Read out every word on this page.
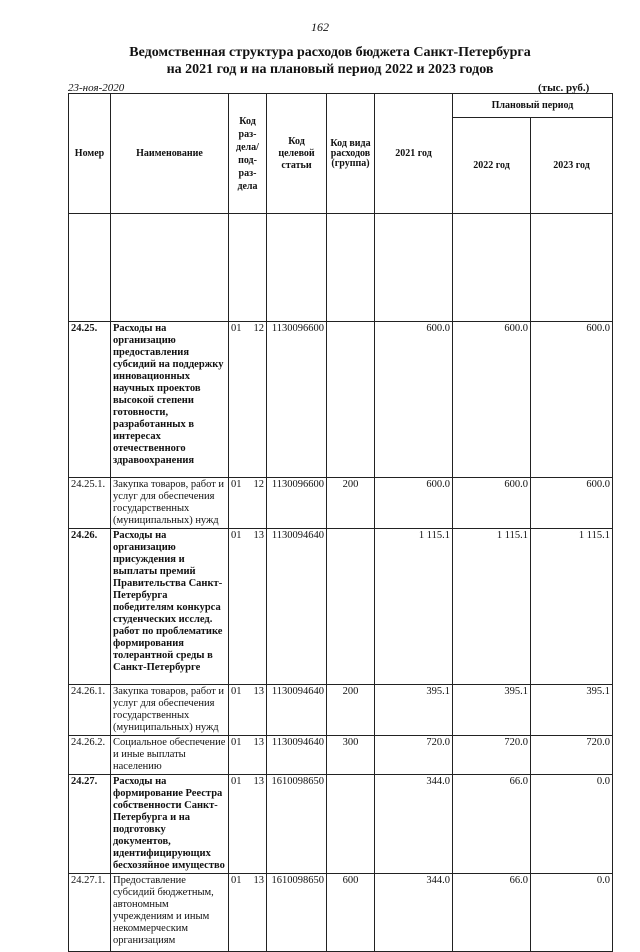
162
Ведомственная структура расходов бюджета Санкт-Петербурга
на 2021 год и на плановый период 2022 и 2023 годов
23-ноя-2020	(тыс. руб.)
Номер	Наименование	Код раз-дела/ под-раз-дела	Код целевой статьи	Код вида расходов (группа)	2021 год	Плановый период	
						2022 год	2023 год

24.25.	Расходы на организацию предоставления субсидий на поддержку инновационных научных проектов высокой степени готовности, разработанных в интересах отечественного здравоохранения	01 12	1130096600		600.0	600.0	600.0
24.25.1.	Закупка товаров, работ и услуг для обеспечения государственных (муниципальных) нужд	01 12	1130096600	200	600.0	600.0	600.0
24.26.	Расходы на организацию присуждения и выплаты премий Правительства Санкт-Петербурга победителям конкурса студенческих исслед. работ по проблематике формирования толерантной среды в Санкт-Петербурге	01 13	1130094640		1 115.1	1 115.1	1 115.1
24.26.1.	Закупка товаров, работ и услуг для обеспечения государственных (муниципальных) нужд	01 13	1130094640	200	395.1	395.1	395.1
24.26.2.	Социальное обеспечение и иные выплаты населению	01 13	1130094640	300	720.0	720.0	720.0
24.27.	Расходы на формирование Реестра собственности Санкт-Петербурга и на подготовку документов, идентифицирующих бесхозяйное имущество	01 13	1610098650		344.0	66.0	0.0
24.27.1.	Предоставление субсидий бюджетным, автономным учреждениям и иным некоммерческим организациям	01 13	1610098650	600	344.0	66.0	0.0
